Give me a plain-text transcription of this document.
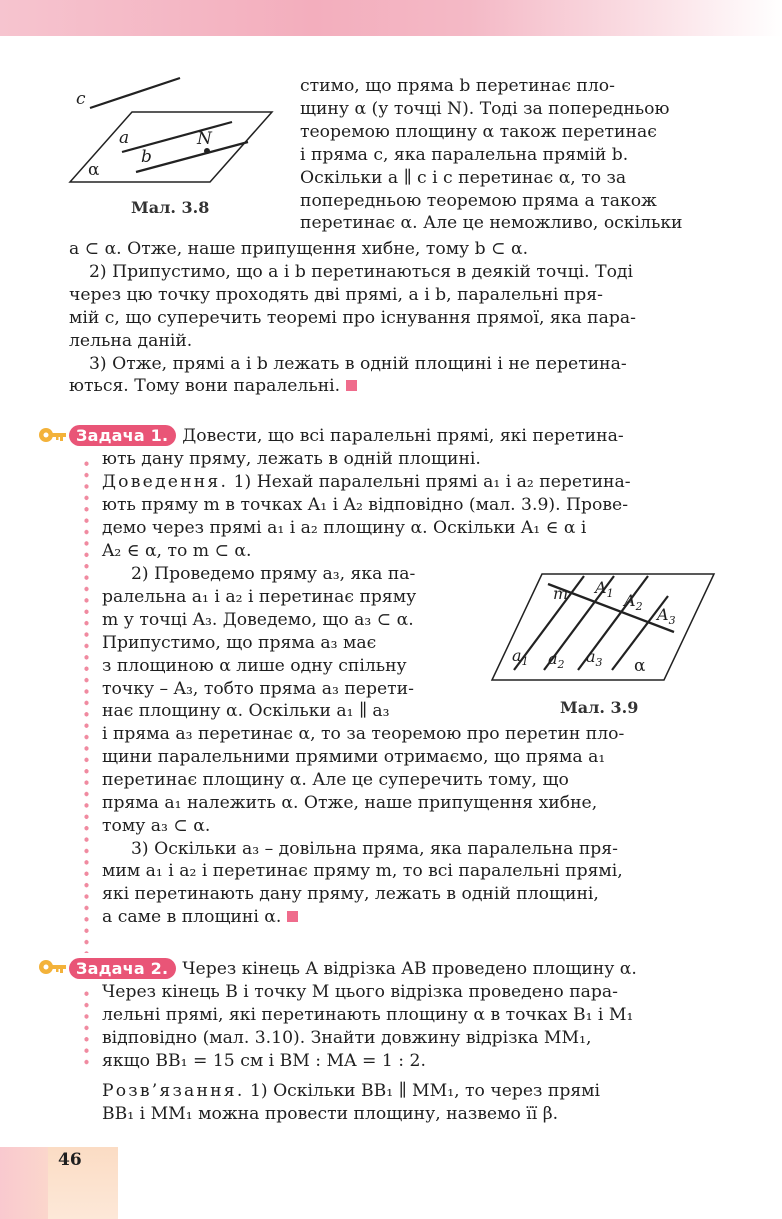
c
a
b
N
α
Мал. 3.8

стимо, що пряма b перетинає пло-

щину α (у точці N). Тоді за попередньою

теоремою площину α також перетинає

і пряма c, яка паралельна прямій b.

Оскільки a ∥ c і c перетинає α, то за

попередньою теоремою пряма a також

перетинає α. Але це неможливо, оскільки

a ⊂ α. Отже, наше припущення хибне, тому b ⊂ α.

2) Припустимо, що a і b перетинаються в деякій точці. Тоді

через цю точку проходять дві прямі, a і b, паралельні пря-

мій c, що суперечить теоремі про існування прямої, яка пара-

лельна даній.

3) Отже, прямі a і b лежать в одній площині і не перетина-

ються. Тому вони паралельні.

Задача 1. Довести, що всі паралельні прямі, які перетина-

ють дану пряму, лежать в одній площині.

Доведення. 1) Нехай паралельні прямі a₁ і a₂ перетина-

ють пряму m в точках A₁ і A₂ відповідно (мал. 3.9). Прове-

демо через прямі a₁ і a₂ площину α. Оскільки A₁ ∈ α і

A₂ ∈ α, то m ⊂ α.

2) Проведемо пряму a₃, яка па-

ралельна a₁ і a₂ і перетинає пряму

m у точці A₃. Доведемо, що a₃ ⊂ α.

Припустимо, що пряма a₃ має

з площиною α лише одну спільну

точку – A₃, тобто пряма a₃ перети-

нає площину α. Оскільки a₁ ∥ a₃

m $A_1$ $A_2$ $A_3$
$a_1$ $a_2$ $a_3$ α
Мал. 3.9

і пряма a₃ перетинає α, то за теоремою про перетин пло-

щини паралельними прямими отримаємо, що пряма a₁

перетинає площину α. Але це суперечить тому, що

пряма a₁ належить α. Отже, наше припущення хибне,

тому a₃ ⊂ α.

3) Оскільки a₃ – довільна пряма, яка паралельна пря-

мим a₁ і a₂ і перетинає пряму m, то всі паралельні прямі,

які перетинають дану пряму, лежать в одній площині,

а саме в площині α.

Задача 2. Через кінець A відрізка AB проведено площину α.

Через кінець B і точку M цього відрізка проведено пара-

лельні прямі, які перетинають площину α в точках B₁ і M₁

відповідно (мал. 3.10). Знайти довжину відрізка MM₁,

якщо BB₁ = 15 см і BM : MA = 1 : 2.

Розв’язання. 1) Оскільки BB₁ ∥ MM₁, то через прямі

BB₁ і MM₁ можна провести площину, назвемо її β.

46
